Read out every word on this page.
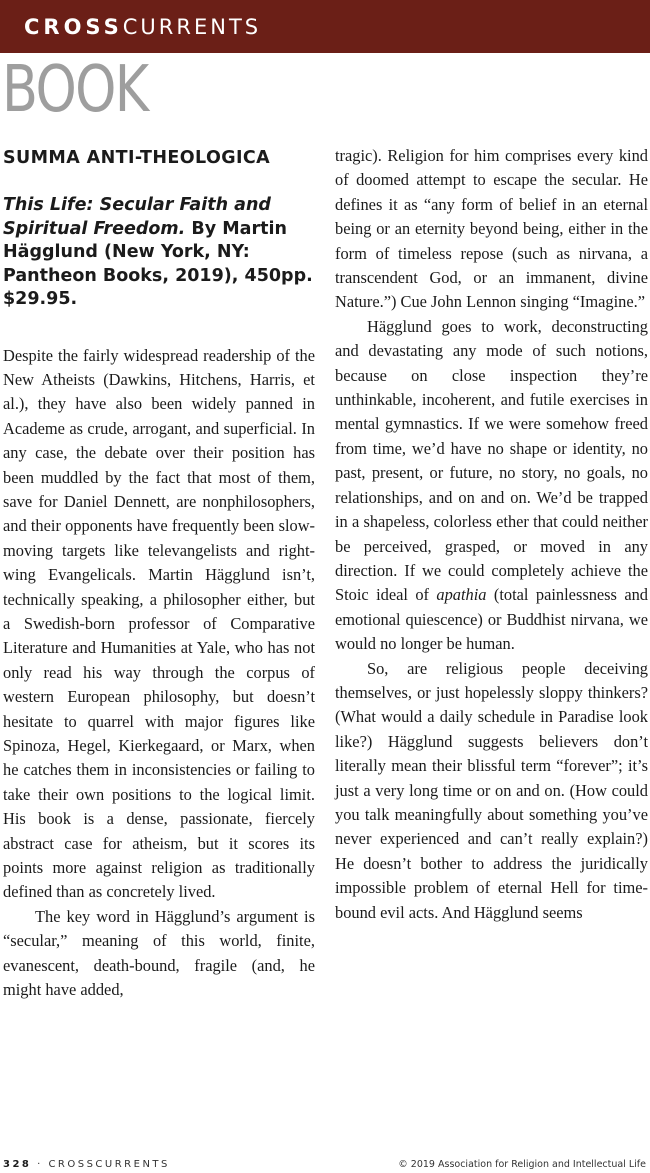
CROSSCURRENTS
BOOK
SUMMA ANTI-THEOLOGICA

This Life: Secular Faith and Spiritual Freedom. By Martin Hägglund (New York, NY: Pantheon Books, 2019), 450pp. $29.95.

Despite the fairly widespread readership of the New Atheists (Dawkins, Hitchens, Harris, et al.), they have also been widely panned in Academe as crude, arrogant, and superficial. In any case, the debate over their position has been muddled by the fact that most of them, save for Daniel Dennett, are nonphilosophers, and their opponents have frequently been slow-moving targets like televangelists and right-wing Evangelicals. Martin Hägglund isn’t, technically speaking, a philosopher either, but a Swedish-born professor of Comparative Literature and Humanities at Yale, who has not only read his way through the corpus of western European philosophy, but doesn’t hesitate to quarrel with major figures like Spinoza, Hegel, Kierkegaard, or Marx, when he catches them in inconsistencies or failing to take their own positions to the logical limit. His book is a dense, passionate, fiercely abstract case for atheism, but it scores its points more against religion as traditionally defined than as concretely lived.

The key word in Hägglund’s argument is “secular,” meaning of this world, finite, evanescent, death-bound, fragile (and, he might have added,

tragic). Religion for him comprises every kind of doomed attempt to escape the secular. He defines it as “any form of belief in an eternal being or an eternity beyond being, either in the form of timeless repose (such as nirvana, a transcendent God, or an immanent, divine Nature.”) Cue John Lennon singing “Imagine.”

Hägglund goes to work, deconstructing and devastating any mode of such notions, because on close inspection they’re unthinkable, incoherent, and futile exercises in mental gymnastics. If we were somehow freed from time, we’d have no shape or identity, no past, present, or future, no story, no goals, no relationships, and on and on. We’d be trapped in a shapeless, colorless ether that could neither be perceived, grasped, or moved in any direction. If we could completely achieve the Stoic ideal of apathia (total painlessness and emotional quiescence) or Buddhist nirvana, we would no longer be human.

So, are religious people deceiving themselves, or just hopelessly sloppy thinkers? (What would a daily schedule in Paradise look like?) Hägglund suggests believers don’t literally mean their blissful term “forever”; it’s just a very long time or on and on. (How could you talk meaningfully about something you’ve never experienced and can’t really explain?) He doesn’t bother to address the juridically impossible problem of eternal Hell for time-bound evil acts. And Hägglund seems

328 · CROSSCURRENTS	© 2019 Association for Religion and Intellectual Life
